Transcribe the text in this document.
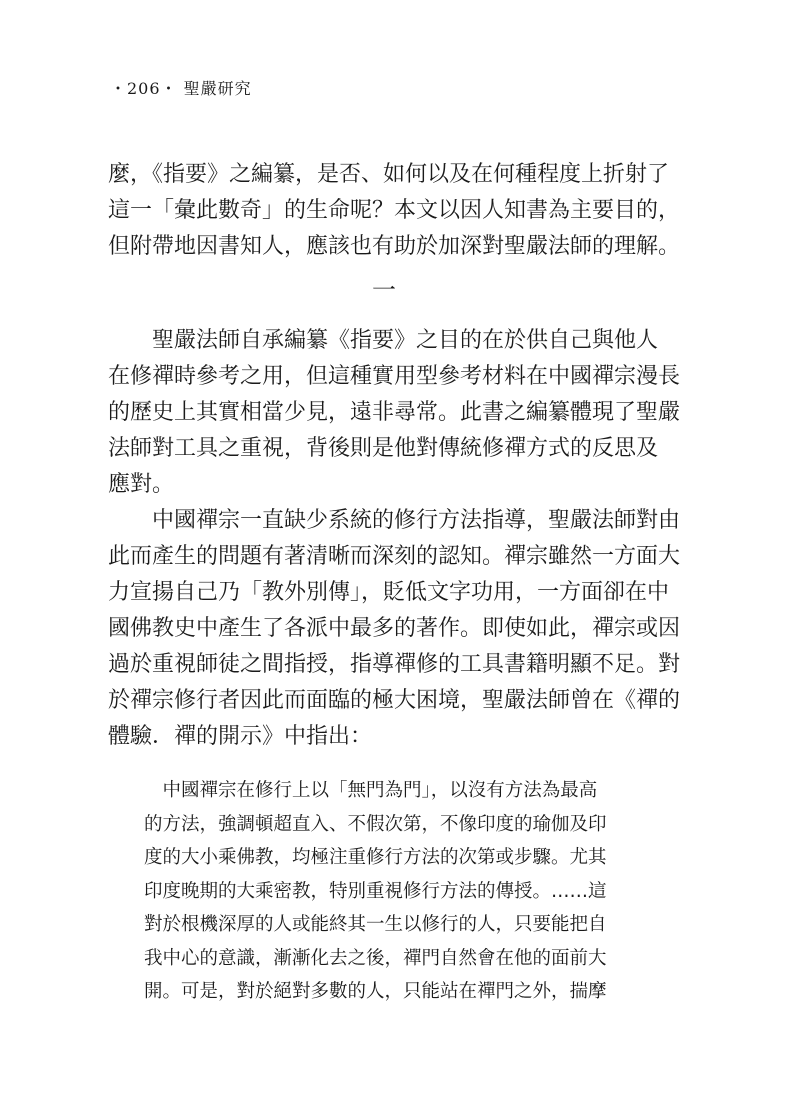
・206・ 聖嚴研究
麼，《指要》之編纂，是否、如何以及在何種程度上折射了
這一「彙此數奇」的生命呢？本文以因人知書為主要目的，
但附帶地因書知人，應該也有助於加深對聖嚴法師的理解。
一
　　聖嚴法師自承編纂《指要》之目的在於供自己與他人
在修禪時參考之用，但這種實用型參考材料在中國禪宗漫長
的歷史上其實相當少見，遠非尋常。此書之編纂體現了聖嚴
法師對工具之重視，背後則是他對傳統修禪方式的反思及
應對。
　　中國禪宗一直缺少系統的修行方法指導，聖嚴法師對由
此而產生的問題有著清晰而深刻的認知。禪宗雖然一方面大
力宣揚自己乃「教外別傳」，貶低文字功用，一方面卻在中
國佛教史中產生了各派中最多的著作。即使如此，禪宗或因
過於重視師徒之間指授，指導禪修的工具書籍明顯不足。對
於禪宗修行者因此而面臨的極大困境，聖嚴法師曾在《禪的
體驗．禪的開示》中指出：
　中國禪宗在修行上以「無門為門」，以沒有方法為最高
的方法，強調頓超直入、不假次第，不像印度的瑜伽及印
度的大小乘佛教，均極注重修行方法的次第或步驟。尤其
印度晚期的大乘密教，特別重視修行方法的傳授。……這
對於根機深厚的人或能終其一生以修行的人，只要能把自
我中心的意識，漸漸化去之後，禪門自然會在他的面前大
開。可是，對於絕對多數的人，只能站在禪門之外，揣摩
